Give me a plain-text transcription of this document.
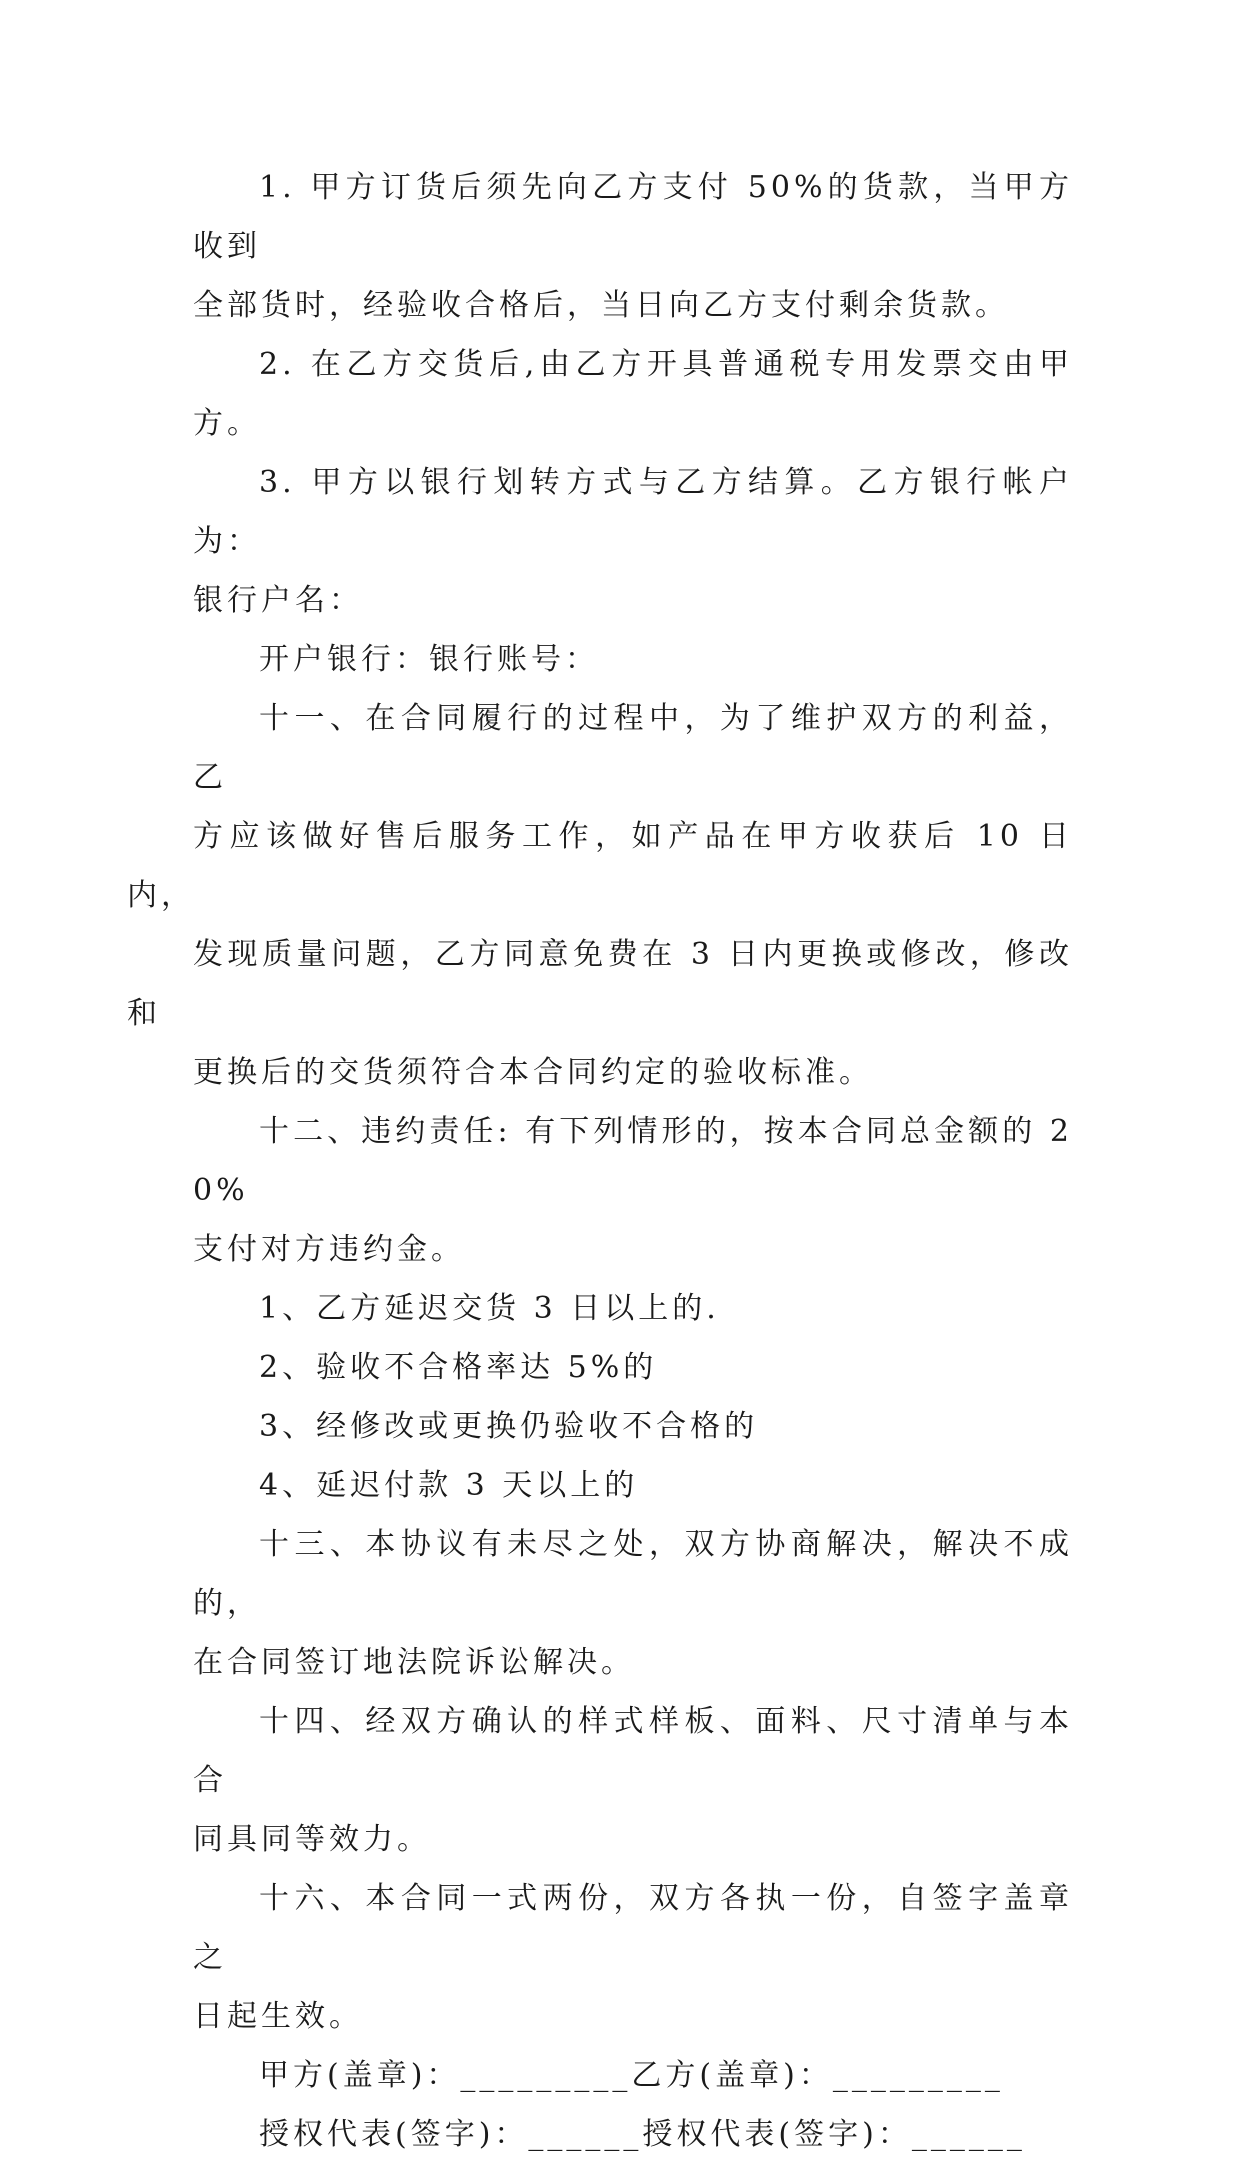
1. 甲方订货后须先向乙方支付 50%的货款，当甲方收到
全部货时，经验收合格后，当日向乙方支付剩余货款。
2. 在乙方交货后,由乙方开具普通税专用发票交由甲方。
3. 甲方以银行划转方式与乙方结算。乙方银行帐户为：
银行户名：
开户银行：银行账号：
十一、在合同履行的过程中，为了维护双方的利益，乙
方应该做好售后服务工作，如产品在甲方收获后 10 日内，
发现质量问题，乙方同意免费在 3 日内更换或修改，修改和
更换后的交货须符合本合同约定的验收标准。
十二、违约责任: 有下列情形的，按本合同总金额的 20%
支付对方违约金。
1、乙方延迟交货 3 日以上的.
2、验收不合格率达 5%的
3、经修改或更换仍验收不合格的
4、延迟付款 3 天以上的
十三、本协议有未尽之处，双方协商解决，解决不成的，
在合同签订地法院诉讼解决。
十四、经双方确认的样式样板、面料、尺寸清单与本合
同具同等效力。
十六、本合同一式两份，双方各执一份，自签字盖章之
日起生效。
甲方(盖章)：_________乙方(盖章)：_________
授权代表(签字)：______授权代表(签字)：______
